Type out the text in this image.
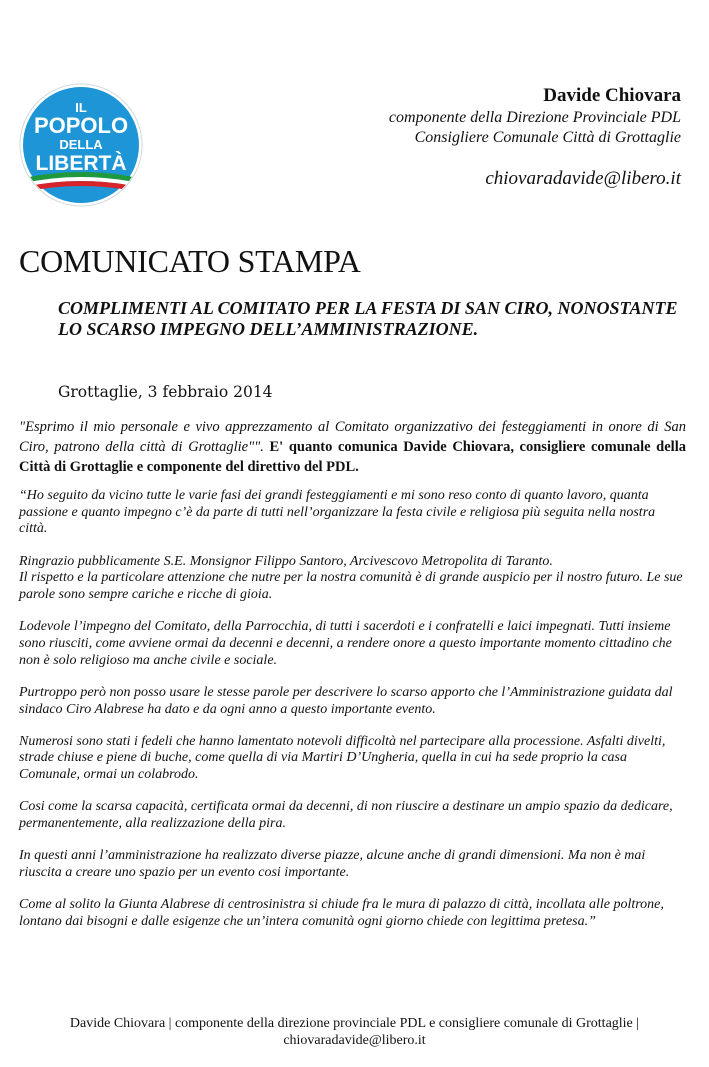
IL
POPOLO
DELLA
LIBERTÀ
Davide Chiovara
componente della Direzione Provinciale PDL
Consigliere Comunale Città di Grottaglie
chiovaradavide@libero.it
COMUNICATO STAMPA
COMPLIMENTI AL COMITATO PER LA FESTA DI SAN CIRO, NONOSTANTE LO SCARSO IMPEGNO DELL’AMMINISTRAZIONE.
Grottaglie, 3 febbraio 2014
"Esprimo il mio personale e vivo apprezzamento al Comitato organizzativo dei festeggiamenti in onore di San Ciro, patrono della città di Grottaglie"". E' quanto comunica Davide Chiovara, consigliere comunale della Città di Grottaglie e componente del direttivo del PDL.
“Ho seguito da vicino tutte le varie fasi dei grandi festeggiamenti e mi sono reso conto di quanto lavoro, quanta passione e quanto impegno c’è da parte di tutti nell’organizzare la festa civile e religiosa più seguita nella nostra città.
Ringrazio pubblicamente S.E. Monsignor Filippo Santoro, Arcivescovo Metropolita di Taranto.
Il rispetto e la particolare attenzione che nutre per la nostra comunità è di grande auspicio per il nostro futuro. Le sue parole sono sempre cariche e ricche di gioia.
Lodevole l’impegno del Comitato, della Parrocchia, di tutti i sacerdoti e i confratelli e laici impegnati. Tutti insieme sono riusciti, come avviene ormai da decenni e decenni, a rendere onore a questo importante momento cittadino che non è solo religioso ma anche civile e sociale.
Purtroppo però non posso usare le stesse parole per descrivere lo scarso apporto che l’Amministrazione guidata dal sindaco Ciro Alabrese ha dato e da ogni anno a questo importante evento.
Numerosi sono stati i fedeli che hanno lamentato notevoli difficoltà nel partecipare alla processione. Asfalti divelti, strade chiuse e piene di buche, come quella di via Martiri D’Ungheria, quella in cui ha sede proprio la casa Comunale, ormai un colabrodo.
Cosi come la scarsa capacità, certificata ormai da decenni, di non riuscire a destinare un ampio spazio da dedicare, permanentemente, alla realizzazione della pira.
In questi anni l’amministrazione ha realizzato diverse piazze, alcune anche di grandi dimensioni. Ma non è mai riuscita a creare uno spazio per un evento cosi importante.
Come al solito la Giunta Alabrese di centrosinistra si chiude fra le mura di palazzo di città, incollata alle poltrone, lontano dai bisogni e dalle esigenze che un’intera comunità ogni giorno chiede con legittima pretesa.”
Davide Chiovara | componente della direzione provinciale PDL e consigliere comunale di Grottaglie |
chiovaradavide@libero.it
